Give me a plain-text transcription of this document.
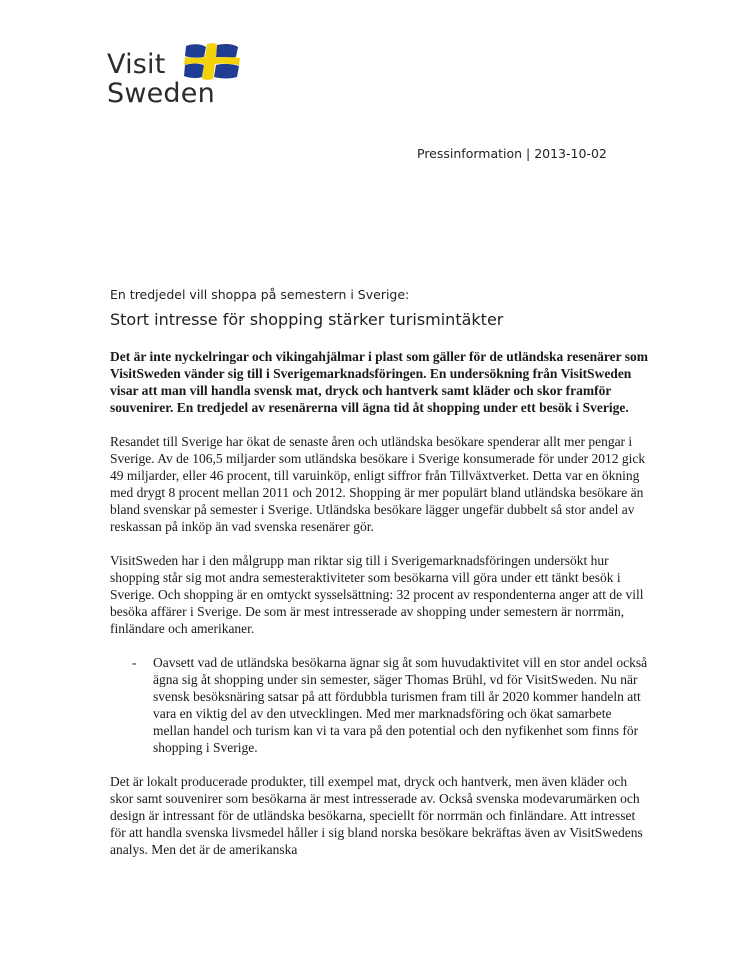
Visit
Sweden
Pressinformation | 2013-10-02
En tredjedel vill shoppa på semestern i Sverige:
Stort intresse för shopping stärker turismintäkter

Det är inte nyckelringar och vikingahjälmar i plast som gäller för de utländska resenärer som VisitSweden vänder sig till i Sverigemarknadsföringen. En undersökning från VisitSweden visar att man vill handla svensk mat, dryck och hantverk samt kläder och skor framför souvenirer. En tredjedel av resenärerna vill ägna tid åt shopping under ett besök i Sverige.

Resandet till Sverige har ökat de senaste åren och utländska besökare spenderar allt mer pengar i Sverige. Av de 106,5 miljarder som utländska besökare i Sverige konsumerade för under 2012 gick 49 miljarder, eller 46 procent, till varuinköp, enligt siffror från Tillväxtverket. Detta var en ökning med drygt 8 procent mellan 2011 och 2012. Shopping är mer populärt bland utländska besökare än bland svenskar på semester i Sverige. Utländska besökare lägger ungefär dubbelt så stor andel av reskassan på inköp än vad svenska resenärer gör.

VisitSweden har i den målgrupp man riktar sig till i Sverigemarknadsföringen undersökt hur shopping står sig mot andra semesteraktiviteter som besökarna vill göra under ett tänkt besök i Sverige. Och shopping är en omtyckt sysselsättning: 32 procent av respondenterna anger att de vill besöka affärer i Sverige. De som är mest intresserade av shopping under semestern är norrmän, finländare och amerikaner.

- Oavsett vad de utländska besökarna ägnar sig åt som huvudaktivitet vill en stor andel också ägna sig åt shopping under sin semester, säger Thomas Brühl, vd för VisitSweden. Nu när svensk besöksnäring satsar på att fördubbla turismen fram till år 2020 kommer handeln att vara en viktig del av den utvecklingen. Med mer marknadsföring och ökat samarbete mellan handel och turism kan vi ta vara på den potential och den nyfikenhet som finns för shopping i Sverige.

Det är lokalt producerade produkter, till exempel mat, dryck och hantverk, men även kläder och skor samt souvenirer som besökarna är mest intresserade av. Också svenska modevarumärken och design är intressant för de utländska besökarna, speciellt för norrmän och finländare. Att intresset för att handla svenska livsmedel håller i sig bland norska besökare bekräftas även av VisitSwedens analys. Men det är de amerikanska
